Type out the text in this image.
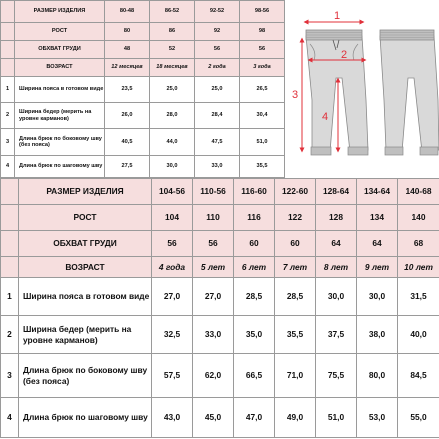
	РАЗМЕР ИЗДЕЛИЯ	80-48	86-52	92-52	98-56
	РОСТ	80	86	92	98
	ОБХВАТ ГРУДИ	48	52	56	56
	ВОЗРАСТ	12 месяцев	18 месяцев	2 года	3 года
1	Ширина пояса в готовом виде	23,5	25,0	25,0	26,5
2	Ширина бедер (мерить на уровне карманов)	26,0	28,0	28,4	30,4
3	Длина брюк по боковому шву (без пояса)	40,5	44,0	47,5	51,0
4	Длина брюк по шаговому шву	27,5	30,0	33,0	35,5
1
2
3
4
	РАЗМЕР ИЗДЕЛИЯ	104-56	110-56	116-60	122-60	128-64	134-64	140-68
	РОСТ	104	110	116	122	128	134	140
	ОБХВАТ ГРУДИ	56	56	60	60	64	64	68
	ВОЗРАСТ	4 года	5 лет	6 лет	7 лет	8 лет	9 лет	10 лет
1	Ширина пояса в готовом виде	27,0	27,0	28,5	28,5	30,0	30,0	31,5
2	Ширина бедер (мерить на уровне карманов)	32,5	33,0	35,0	35,5	37,5	38,0	40,0
3	Длина брюк по боковому шву (без пояса)	57,5	62,0	66,5	71,0	75,5	80,0	84,5
4	Длина брюк по шаговому шву	43,0	45,0	47,0	49,0	51,0	53,0	55,0
